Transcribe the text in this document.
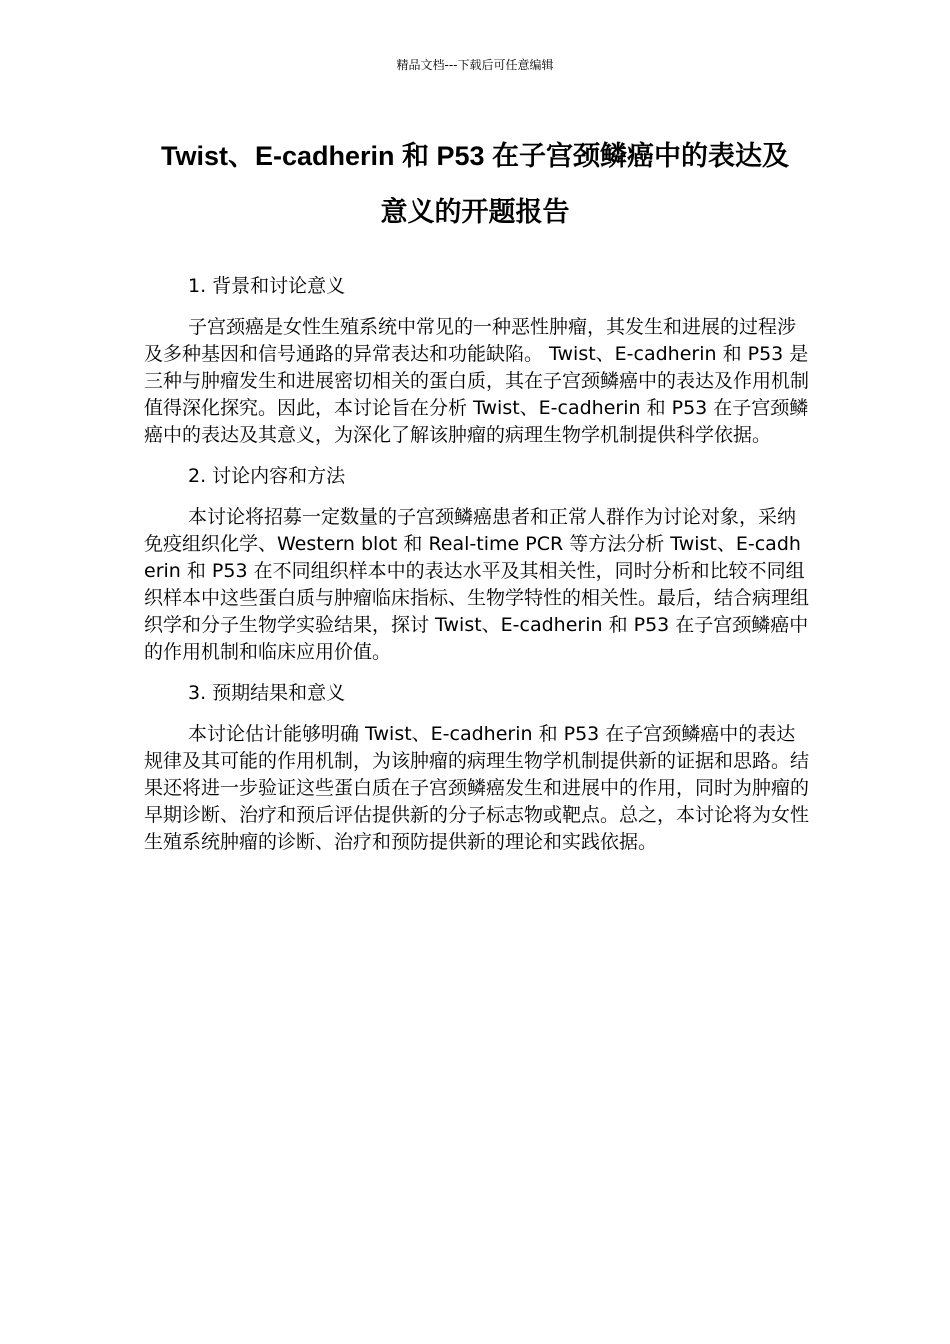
精品文档---下载后可任意编辑
Twist、E-cadherin 和 P53 在子宫颈鳞癌中的表达及
意义的开题报告
1. 背景和讨论意义

子宫颈癌是女性生殖系统中常见的一种恶性肿瘤，其发生和进展的过程涉及多种基因和信号通路的异常表达和功能缺陷。 Twist、E-cadherin 和 P53 是三种与肿瘤发生和进展密切相关的蛋白质，其在子宫颈鳞癌中的表达及作用机制值得深化探究。因此，本讨论旨在分析 Twist、E-cadherin 和 P53 在子宫颈鳞癌中的表达及其意义，为深化了解该肿瘤的病理生物学机制提供科学依据。

2. 讨论内容和方法

本讨论将招募一定数量的子宫颈鳞癌患者和正常人群作为讨论对象，采纳免疫组织化学、Western blot 和 Real-time PCR 等方法分析 Twist、E-cadherin 和 P53 在不同组织样本中的表达水平及其相关性，同时分析和比较不同组织样本中这些蛋白质与肿瘤临床指标、生物学特性的相关性。最后，结合病理组织学和分子生物学实验结果，探讨 Twist、E-cadherin 和 P53 在子宫颈鳞癌中的作用机制和临床应用价值。

3. 预期结果和意义

本讨论估计能够明确 Twist、E-cadherin 和 P53 在子宫颈鳞癌中的表达规律及其可能的作用机制，为该肿瘤的病理生物学机制提供新的证据和思路。结果还将进一步验证这些蛋白质在子宫颈鳞癌发生和进展中的作用，同时为肿瘤的早期诊断、治疗和预后评估提供新的分子标志物或靶点。总之，本讨论将为女性生殖系统肿瘤的诊断、治疗和预防提供新的理论和实践依据。
